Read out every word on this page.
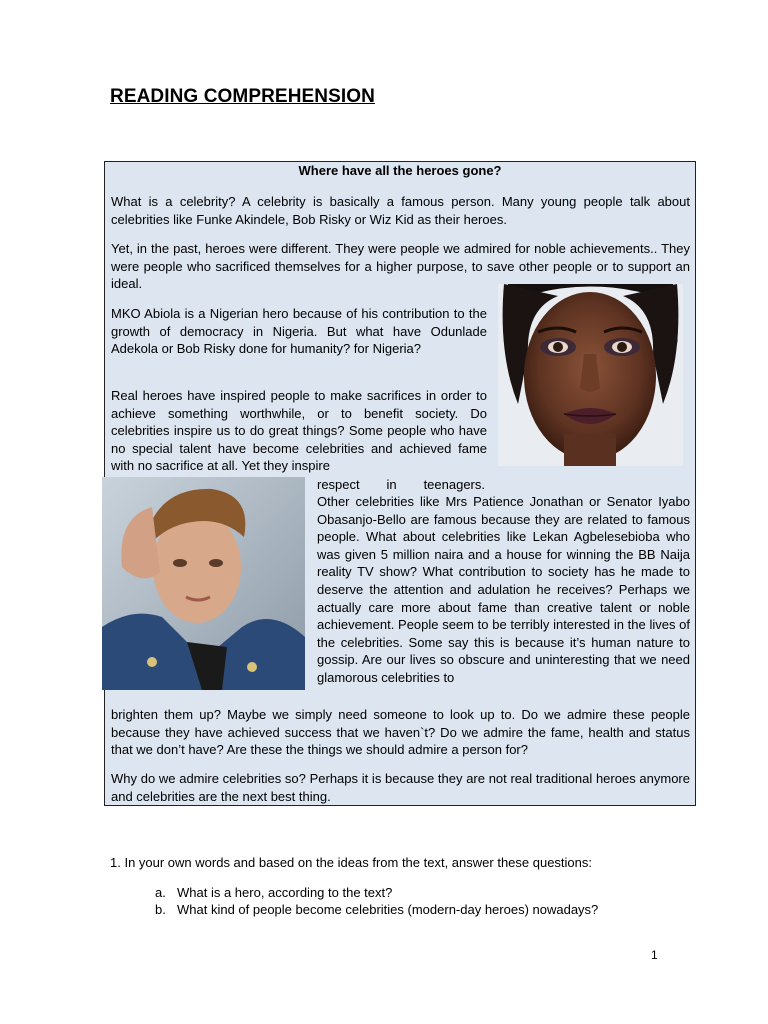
READING COMPREHENSION
Where have all the heroes gone?

What is a celebrity? A celebrity is basically a famous person. Many young people talk about celebrities like Funke Akindele, Bob Risky or Wiz Kid as their heroes.

Yet, in the past, heroes were different. They were people we admired for noble achievements.. They were people who sacrificed themselves for a higher purpose, to save other people or to support an ideal.

MKO Abiola is a Nigerian hero because of his contribution to the growth of democracy in Nigeria. But what have Odunlade Adekola or Bob Risky done for humanity? for Nigeria?

Real heroes have inspired people to make sacrifices in order to achieve something worthwhile, or to benefit society. Do celebrities inspire us to do great things? Some people who have no special talent have become celebrities and achieved fame with no sacrifice at all. Yet they inspire

respect in teenagers.

Other celebrities like Mrs Patience Jonathan or Senator Iyabo Obasanjo-Bello are famous because they are related to famous people. What about celebrities like Lekan Agbelesebioba who was given 5 million naira and a house for winning the BB Naija reality TV show? What contribution to society has he made to deserve the attention and adulation he receives? Perhaps we actually care more about fame than creative talent or noble achievement. People seem to be terribly interested in the lives of the celebrities. Some say this is because it’s human nature to gossip. Are our lives so obscure and uninteresting that we need glamorous celebrities to

brighten them up? Maybe we simply need someone to look up to. Do we admire these people because they have achieved success that we haven`t? Do we admire the fame, health and status that we don’t have? Are these the things we should admire a person for?

Why do we admire celebrities so? Perhaps it is because they are not real traditional heroes anymore and celebrities are the next best thing.

1. In your own words and based on the ideas from the text, answer these questions:
a. What is a hero, according to the text?
b. What kind of people become celebrities (modern-day heroes) nowadays?
1
